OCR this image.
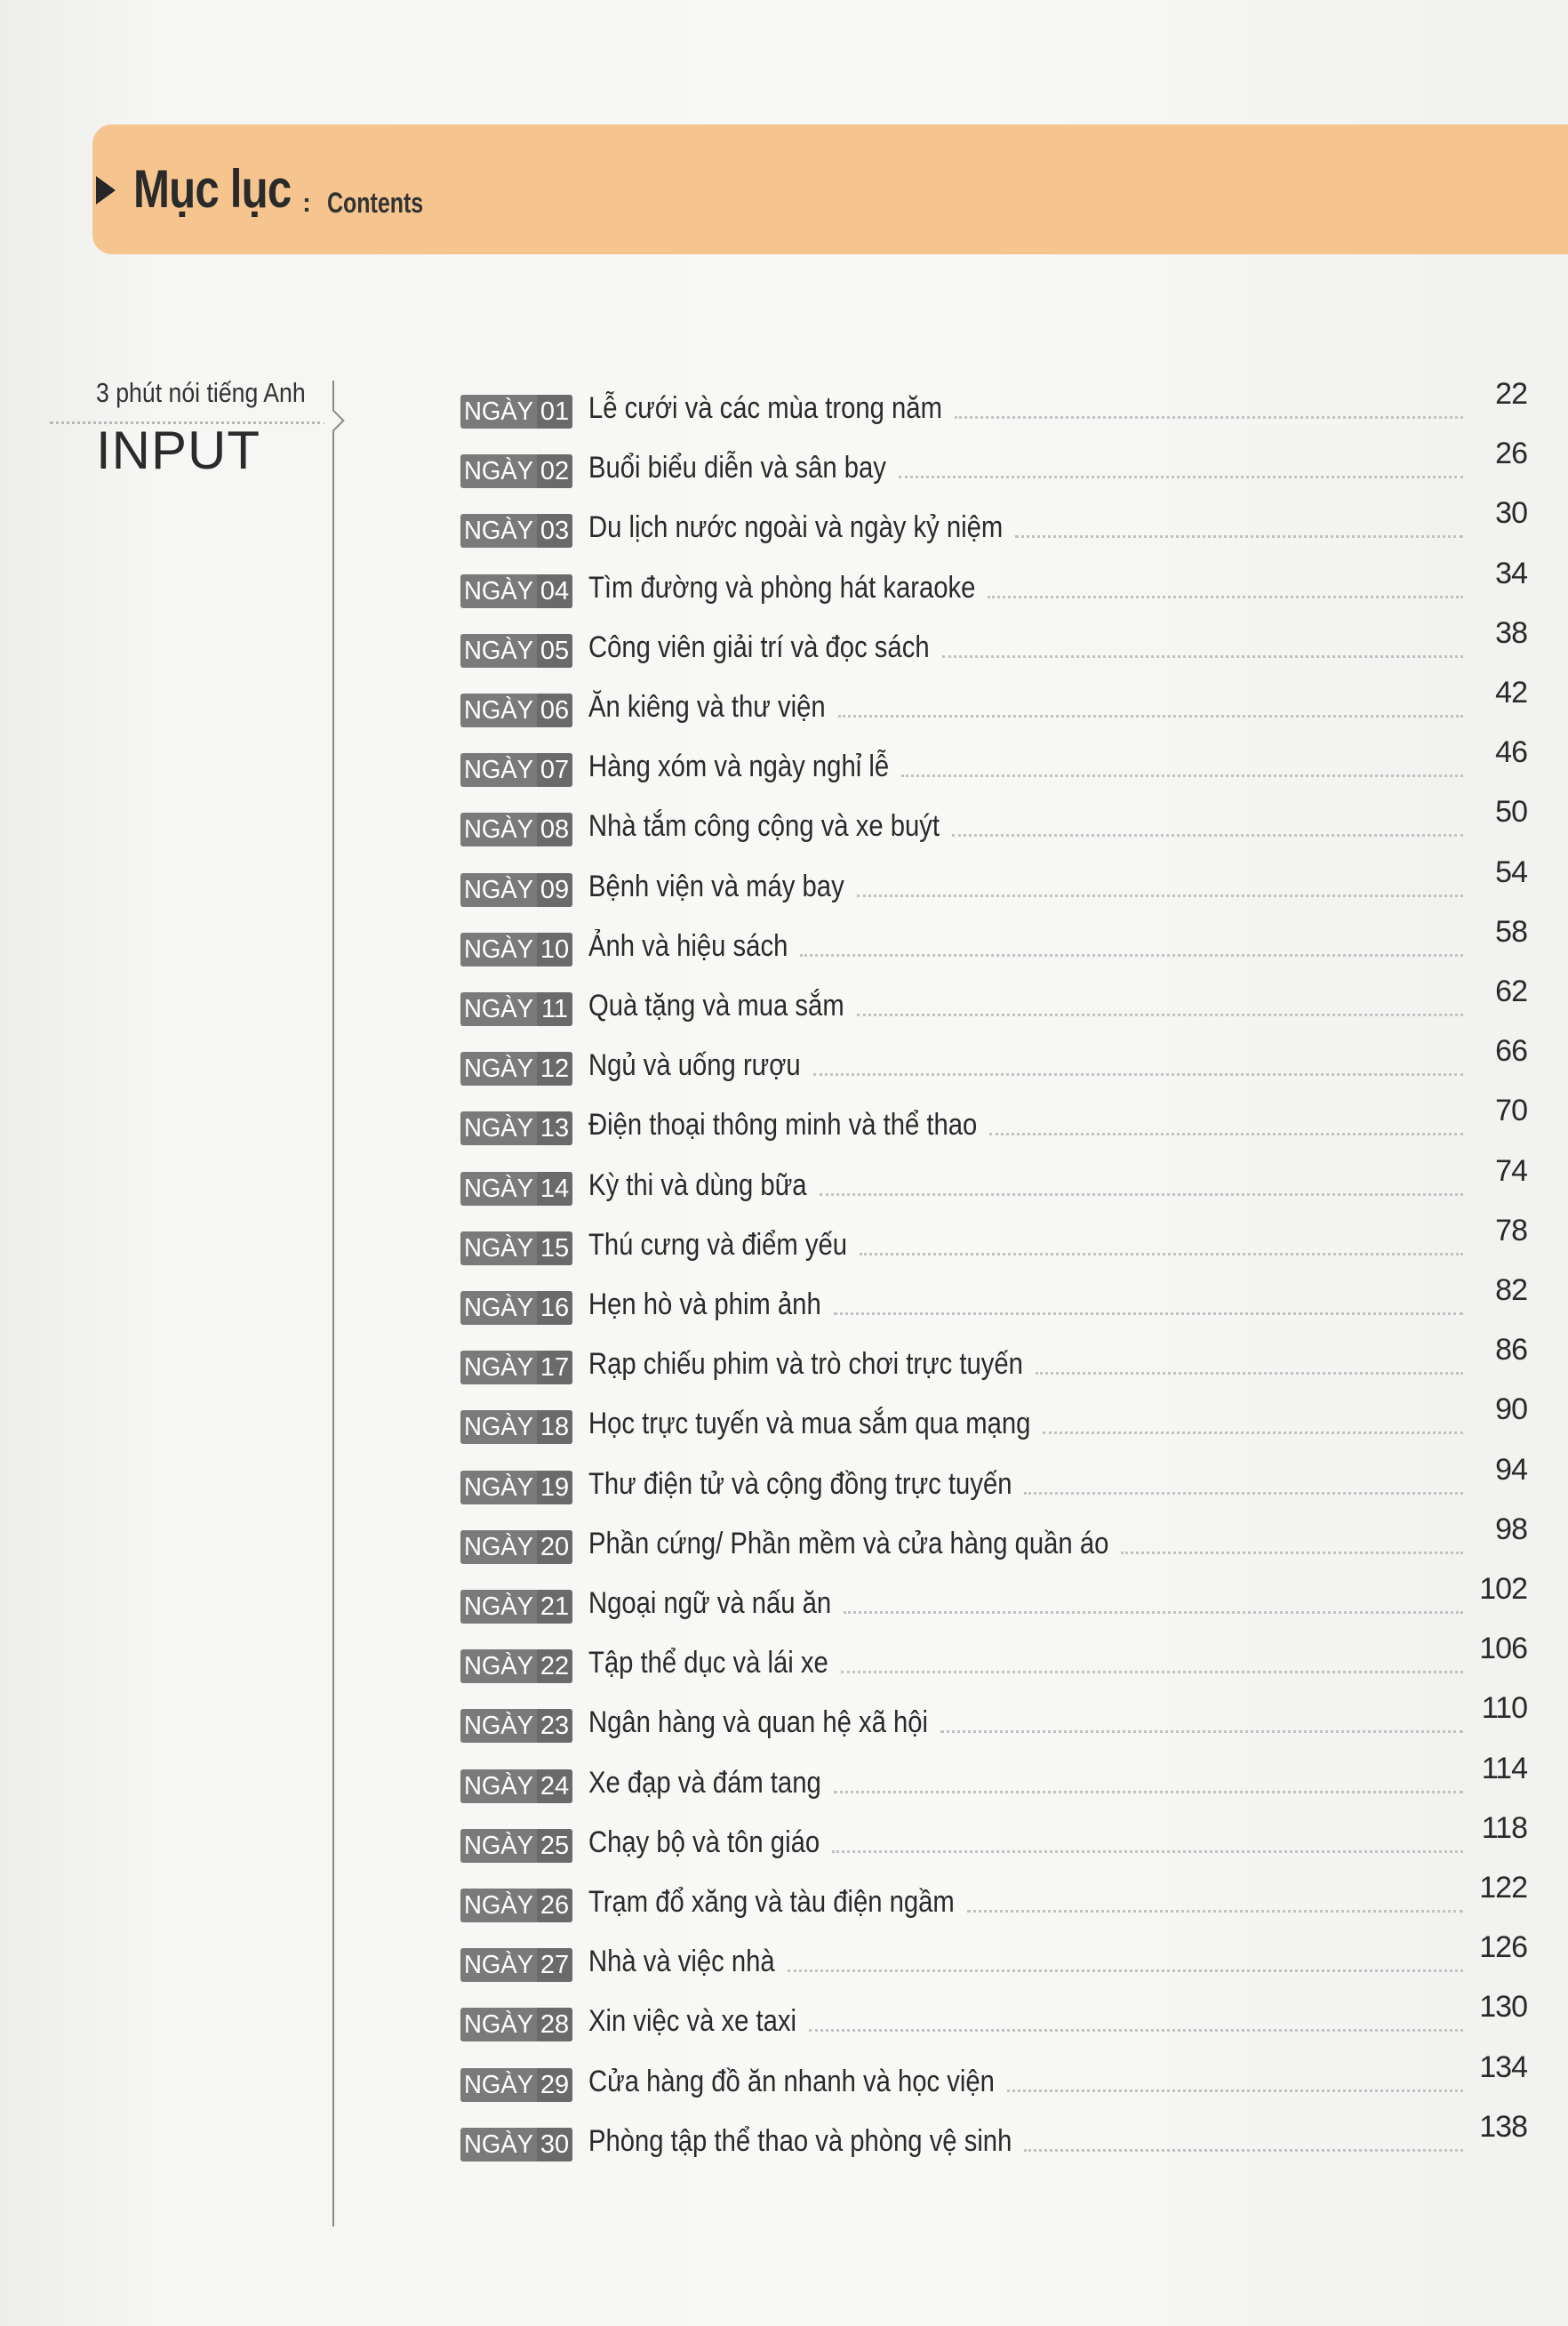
Mục lục : Contents
3 phút nói tiếng Anh
INPUT
NGÀY 01 Lễ cưới và các mùa trong năm	22
NGÀY 02 Buổi biểu diễn và sân bay	26
NGÀY 03 Du lịch nước ngoài và ngày kỷ niệm	30
NGÀY 04 Tìm đường và phòng hát karaoke	34
NGÀY 05 Công viên giải trí và đọc sách	38
NGÀY 06 Ăn kiêng và thư viện	42
NGÀY 07 Hàng xóm và ngày nghỉ lễ	46
NGÀY 08 Nhà tắm công cộng và xe buýt	50
NGÀY 09 Bệnh viện và máy bay	54
NGÀY 10 Ảnh và hiệu sách	58
NGÀY 11 Quà tặng và mua sắm	62
NGÀY 12 Ngủ và uống rượu	66
NGÀY 13 Điện thoại thông minh và thể thao	70
NGÀY 14 Kỳ thi và dùng bữa	74
NGÀY 15 Thú cưng và điểm yếu	78
NGÀY 16 Hẹn hò và phim ảnh	82
NGÀY 17 Rạp chiếu phim và trò chơi trực tuyến	86
NGÀY 18 Học trực tuyến và mua sắm qua mạng	90
NGÀY 19 Thư điện tử và cộng đồng trực tuyến	94
NGÀY 20 Phần cứng/ Phần mềm và cửa hàng quần áo	98
NGÀY 21 Ngoại ngữ và nấu ăn	102
NGÀY 22 Tập thể dục và lái xe	106
NGÀY 23 Ngân hàng và quan hệ xã hội	110
NGÀY 24 Xe đạp và đám tang	114
NGÀY 25 Chạy bộ và tôn giáo	118
NGÀY 26 Trạm đổ xăng và tàu điện ngầm	122
NGÀY 27 Nhà và việc nhà	126
NGÀY 28 Xin việc và xe taxi	130
NGÀY 29 Cửa hàng đồ ăn nhanh và học viện	134
NGÀY 30 Phòng tập thể thao và phòng vệ sinh	138
